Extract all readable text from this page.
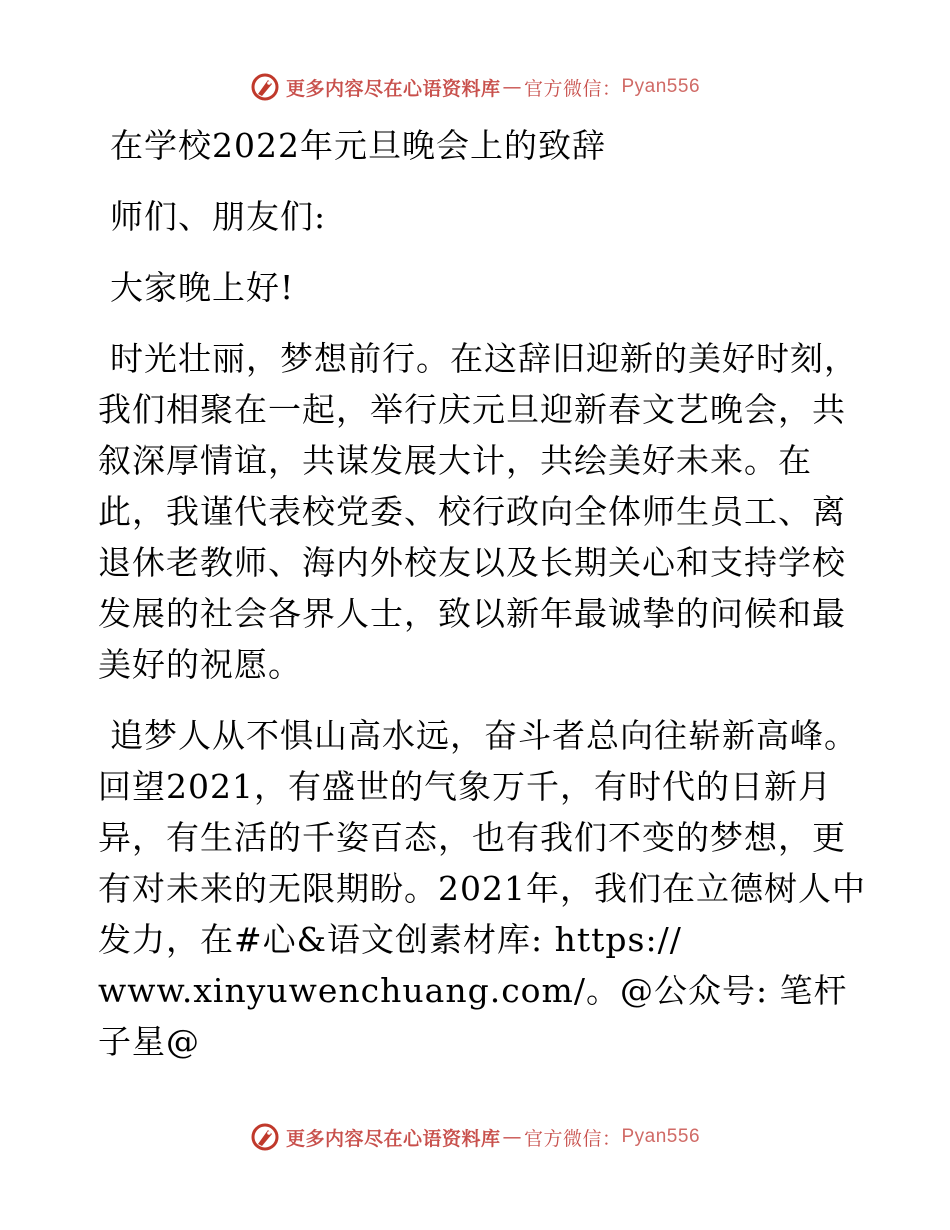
更多内容尽在心语资料库 — 官方微信： Pyan556

在学校2022年元旦晚会上的致辞

师们、朋友们:

大家晚上好!

时光壮丽，梦想前行。在这辞旧迎新的美好时刻，我们相聚在一起，举行庆元旦迎新春文艺晚会，共叙深厚情谊，共谋发展大计，共绘美好未来。在此，我谨代表校党委、校行政向全体师生员工、离退休老教师、海内外校友以及长期关心和支持学校发展的社会各界人士，致以新年最诚挚的问候和最美好的祝愿。

追梦人从不惧山高水远，奋斗者总向往崭新高峰。回望2021，有盛世的气象万千，有时代的日新月异，有生活的千姿百态，也有我们不变的梦想，更有对未来的无限期盼。2021年，我们在立德树人中发力，在#心&语文创素材库: https://
www.xinyuwenchuang.com/。@公众号: 笔杆子星@

更多内容尽在心语资料库 — 官方微信： Pyan556
